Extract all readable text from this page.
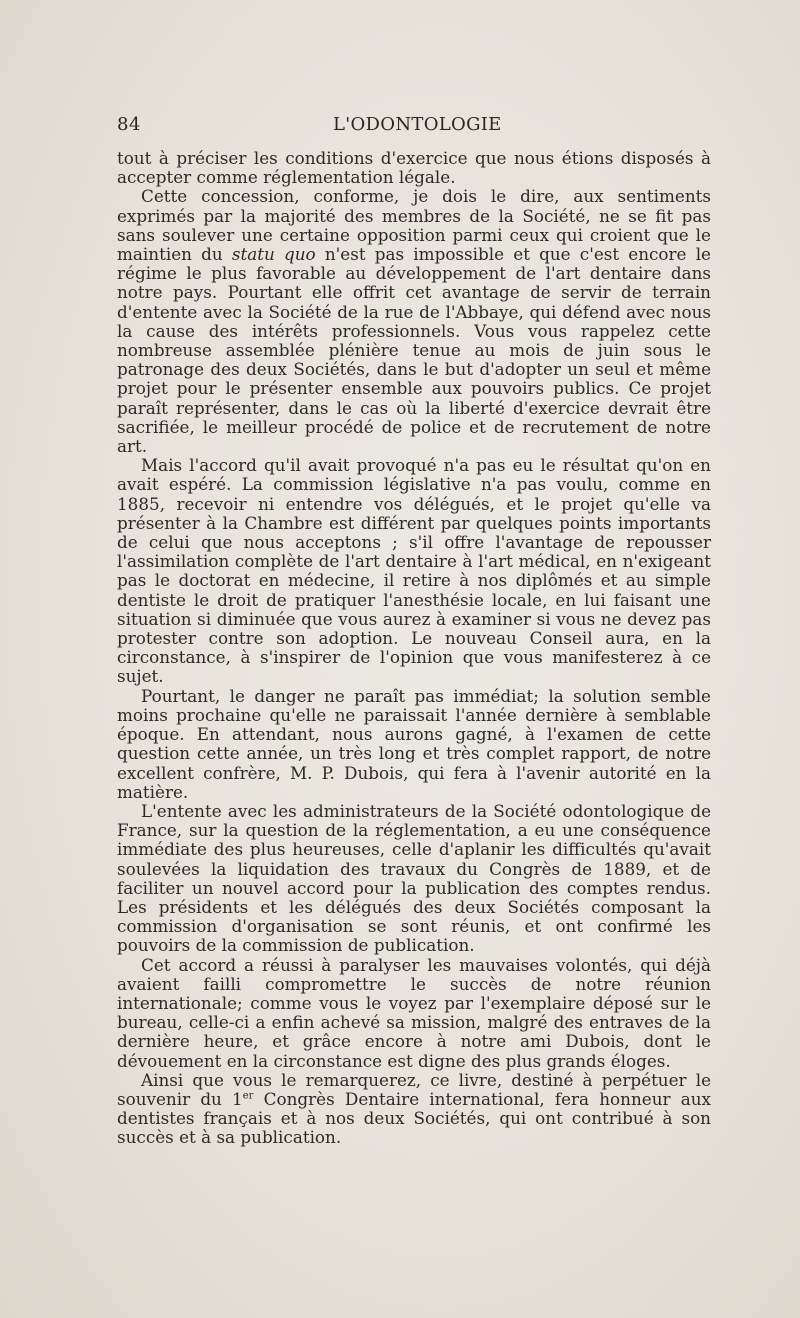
84	L'ODONTOLOGIE

tout à préciser les conditions d'exercice que nous étions disposés à accepter comme réglementation légale.

Cette concession, conforme, je dois le dire, aux sentiments exprimés par la majorité des membres de la Société, ne se fit pas sans soulever une certaine opposition parmi ceux qui croient que le maintien du statu quo n'est pas impossible et que c'est encore le régime le plus favorable au développement de l'art dentaire dans notre pays. Pourtant elle offrit cet avantage de servir de terrain d'entente avec la Société de la rue de l'Abbaye, qui défend avec nous la cause des intérêts professionnels. Vous vous rappelez cette nombreuse assemblée plénière tenue au mois de juin sous le patronage des deux Sociétés, dans le but d'adopter un seul et même projet pour le présenter ensemble aux pouvoirs publics. Ce projet paraît représenter, dans le cas où la liberté d'exercice devrait être sacrifiée, le meilleur procédé de police et de recrutement de notre art.

Mais l'accord qu'il avait provoqué n'a pas eu le résultat qu'on en avait espéré. La commission législative n'a pas voulu, comme en 1885, recevoir ni entendre vos délégués, et le projet qu'elle va présenter à la Chambre est différent par quelques points importants de celui que nous acceptons ; s'il offre l'avantage de repousser l'assimilation complète de l'art dentaire à l'art médical, en n'exigeant pas le doctorat en médecine, il retire à nos diplômés et au simple dentiste le droit de pratiquer l'anesthésie locale, en lui faisant une situation si diminuée que vous aurez à examiner si vous ne devez pas protester contre son adoption. Le nouveau Conseil aura, en la circonstance, à s'inspirer de l'opinion que vous manifesterez à ce sujet.

Pourtant, le danger ne paraît pas immédiat; la solution semble moins prochaine qu'elle ne paraissait l'année dernière à semblable époque. En attendant, nous aurons gagné, à l'examen de cette question cette année, un très long et très complet rapport, de notre excellent confrère, M. P. Dubois, qui fera à l'avenir autorité en la matière.

L'entente avec les administrateurs de la Société odontologique de France, sur la question de la réglementation, a eu une conséquence immédiate des plus heureuses, celle d'aplanir les difficultés qu'avait soulevées la liquidation des travaux du Congrès de 1889, et de faciliter un nouvel accord pour la publication des comptes rendus. Les présidents et les délégués des deux Sociétés composant la commission d'organisation se sont réunis, et ont confirmé les pouvoirs de la commission de publication.

Cet accord a réussi à paralyser les mauvaises volontés, qui déjà avaient failli compromettre le succès de notre réunion internationale; comme vous le voyez par l'exemplaire déposé sur le bureau, celle-ci a enfin achevé sa mission, malgré des entraves de la dernière heure, et grâce encore à notre ami Dubois, dont le dévouement en la circonstance est digne des plus grands éloges.

Ainsi que vous le remarquerez, ce livre, destiné à perpétuer le souvenir du 1er Congrès Dentaire international, fera honneur aux dentistes français et à nos deux Sociétés, qui ont contribué à son succès et à sa publication.
